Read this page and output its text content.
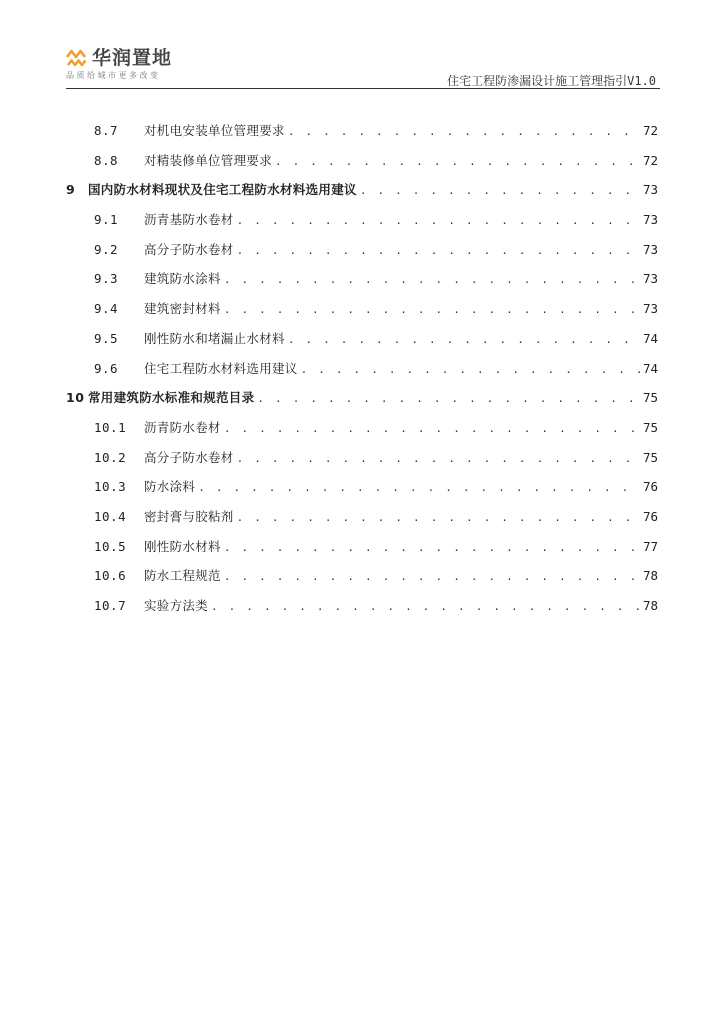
华润置地
品质给城市更多改变	住宅工程防渗漏设计施工管理指引V1.0
8.7	对机电安装单位管理要求 . . .	72
8.8	对精装修单位管理要求 . . .	72
9	国内防水材料现状及住宅工程防水材料选用建议 . . .	73
9.1	沥青基防水卷材 . . .	73
9.2	高分子防水卷材 . . .	73
9.3	建筑防水涂料 . . .	73
9.4	建筑密封材料 . . .	73
9.5	刚性防水和堵漏止水材料 . . .	74
9.6	住宅工程防水材料选用建议 . . .	74
10 常用建筑防水标准和规范目录 . . .	75
10.1	沥青防水卷材 . . .	75
10.2	高分子防水卷材 . . .	75
10.3	防水涂料 . . .	76
10.4	密封膏与胶粘剂 . . .	76
10.5	刚性防水材料 . . .	77
10.6	防水工程规范 . . .	78
10.7	实验方法类 . . .	78
